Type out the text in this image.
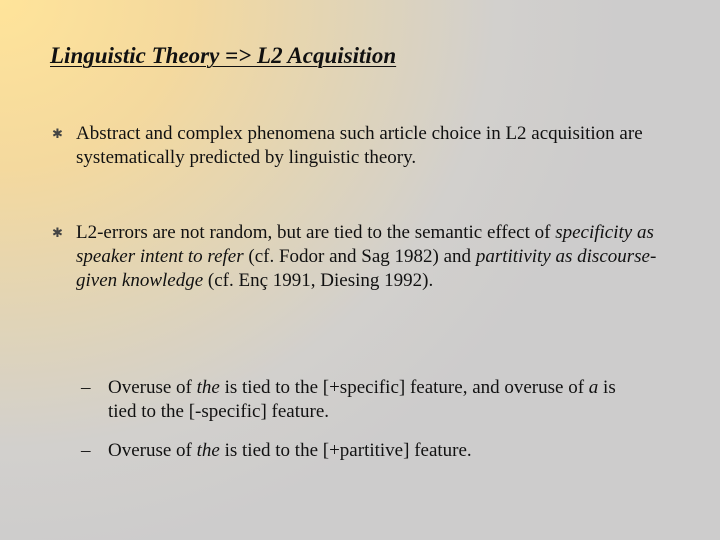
Linguistic Theory => L2 Acquisition
✱ Abstract and complex phenomena such article choice in L2 acquisition are systematically predicted by linguistic theory.
✱ L2-errors are not random, but are tied to the semantic effect of specificity as speaker intent to refer (cf. Fodor and Sag 1982) and partitivity as discourse-given knowledge (cf. Enç 1991, Diesing 1992).
– Overuse of the is tied to the [+specific] feature, and overuse of a is tied to the [-specific] feature.
– Overuse of the is tied to the [+partitive] feature.
